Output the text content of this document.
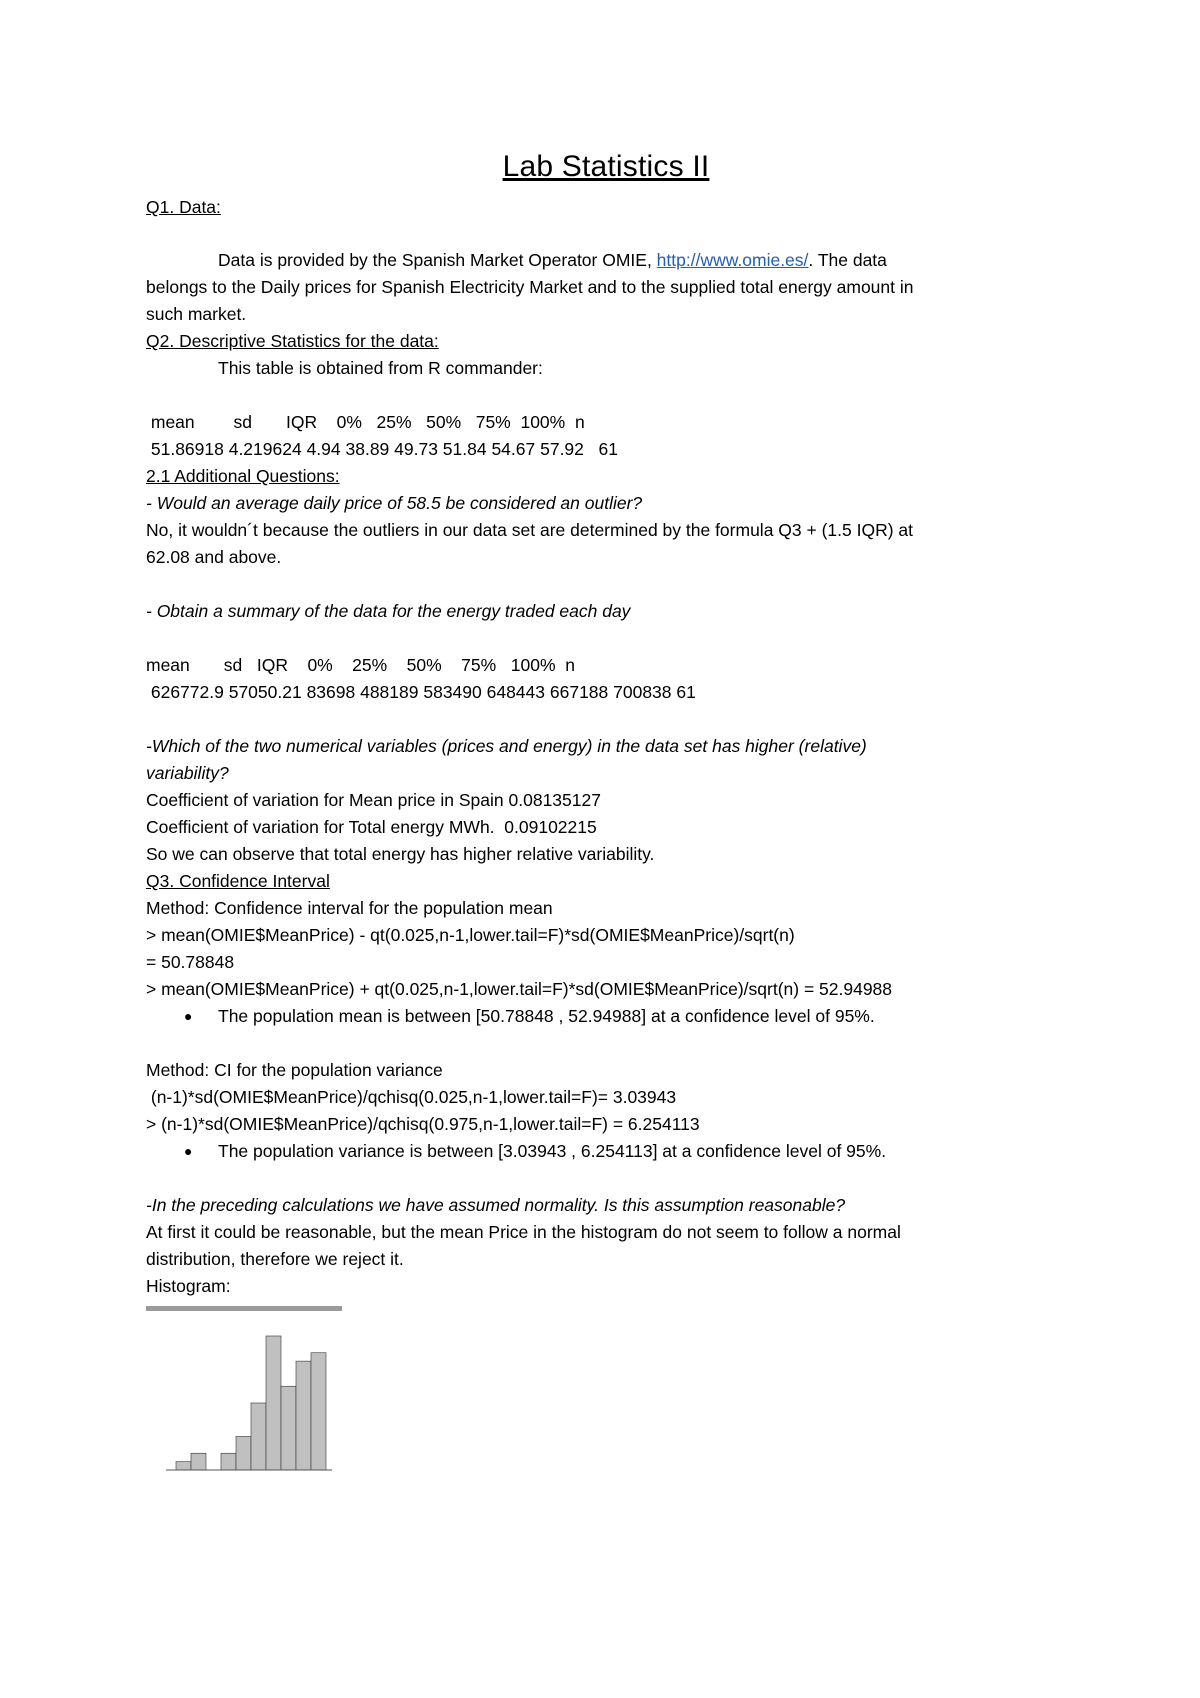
Lab Statistics II
Q1. Data:
Data is provided by the Spanish Market Operator OMIE, http://www.omie.es/. The data
belongs to the Daily prices for Spanish Electricity Market and to the supplied total energy amount in
such market.
Q2. Descriptive Statistics for the data:
This table is obtained from R commander:
mean        sd       IQR    0%   25%   50%   75%  100%  n
51.86918 4.219624 4.94 38.89 49.73 51.84 54.67 57.92   61
2.1 Additional Questions:
- Would an average daily price of 58.5 be considered an outlier?
No, it wouldn´t because the outliers in our data set are determined by the formula Q3 + (1.5 IQR) at
62.08 and above.
- Obtain a summary of the data for the energy traded each day
mean       sd   IQR    0%    25%    50%    75%   100%  n
626772.9 57050.21 83698 488189 583490 648443 667188 700838 61
-Which of the two numerical variables (prices and energy) in the data set has higher (relative)
variability?
Coefficient of variation for Mean price in Spain 0.08135127
Coefficient of variation for Total energy MWh.  0.09102215
So we can observe that total energy has higher relative variability.
Q3. Confidence Interval
Method: Confidence interval for the population mean
> mean(OMIE$MeanPrice) - qt(0.025,n-1,lower.tail=F)*sd(OMIE$MeanPrice)/sqrt(n)
= 50.78848
> mean(OMIE$MeanPrice) + qt(0.025,n-1,lower.tail=F)*sd(OMIE$MeanPrice)/sqrt(n) = 52.94988
● The population mean is between [50.78848 , 52.94988] at a confidence level of 95%.
Method: CI for the population variance
(n-1)*sd(OMIE$MeanPrice)/qchisq(0.025,n-1,lower.tail=F)= 3.03943
> (n-1)*sd(OMIE$MeanPrice)/qchisq(0.975,n-1,lower.tail=F) = 6.254113
● The population variance is between [3.03943 , 6.254113] at a confidence level of 95%.
-In the preceding calculations we have assumed normality. Is this assumption reasonable?
At first it could be reasonable, but the mean Price in the histogram do not seem to follow a normal
distribution, therefore we reject it.
Histogram:
